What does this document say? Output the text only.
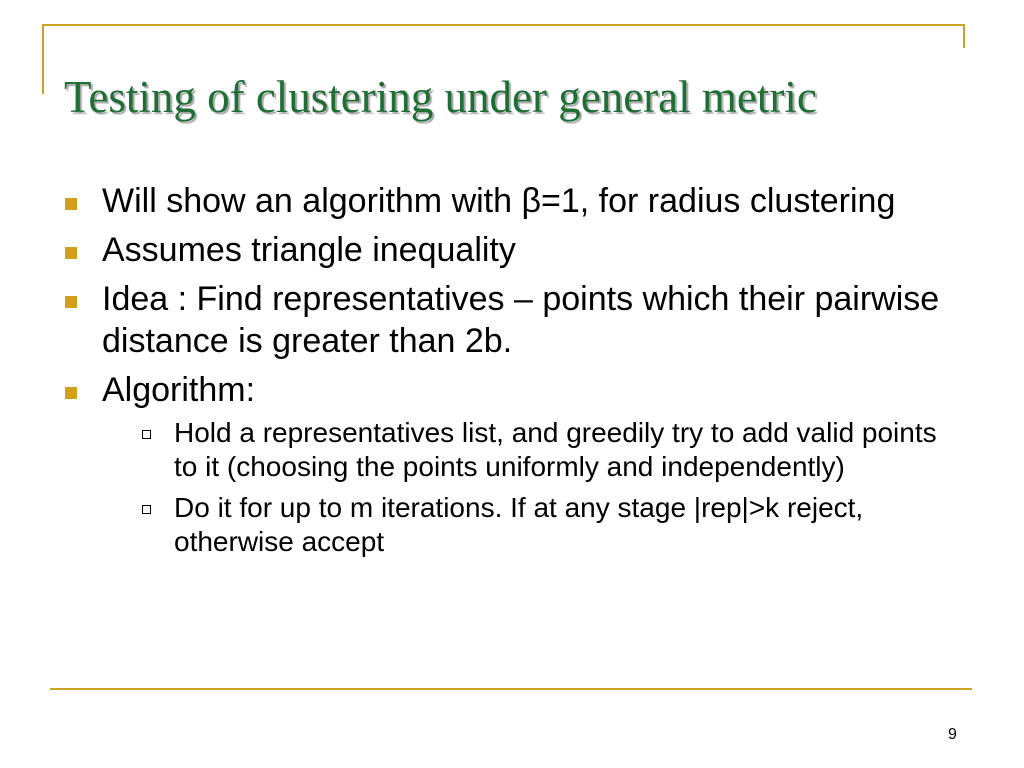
Testing of clustering under general metric
Will show an algorithm with β=1, for radius clustering
Assumes triangle inequality
Idea : Find representatives – points which their pairwise distance is greater than 2b.
Algorithm:
Hold a representatives list, and greedily try to add valid points to it (choosing the points uniformly and independently)
Do it for up to m iterations. If at any stage |rep|>k reject, otherwise accept
9
